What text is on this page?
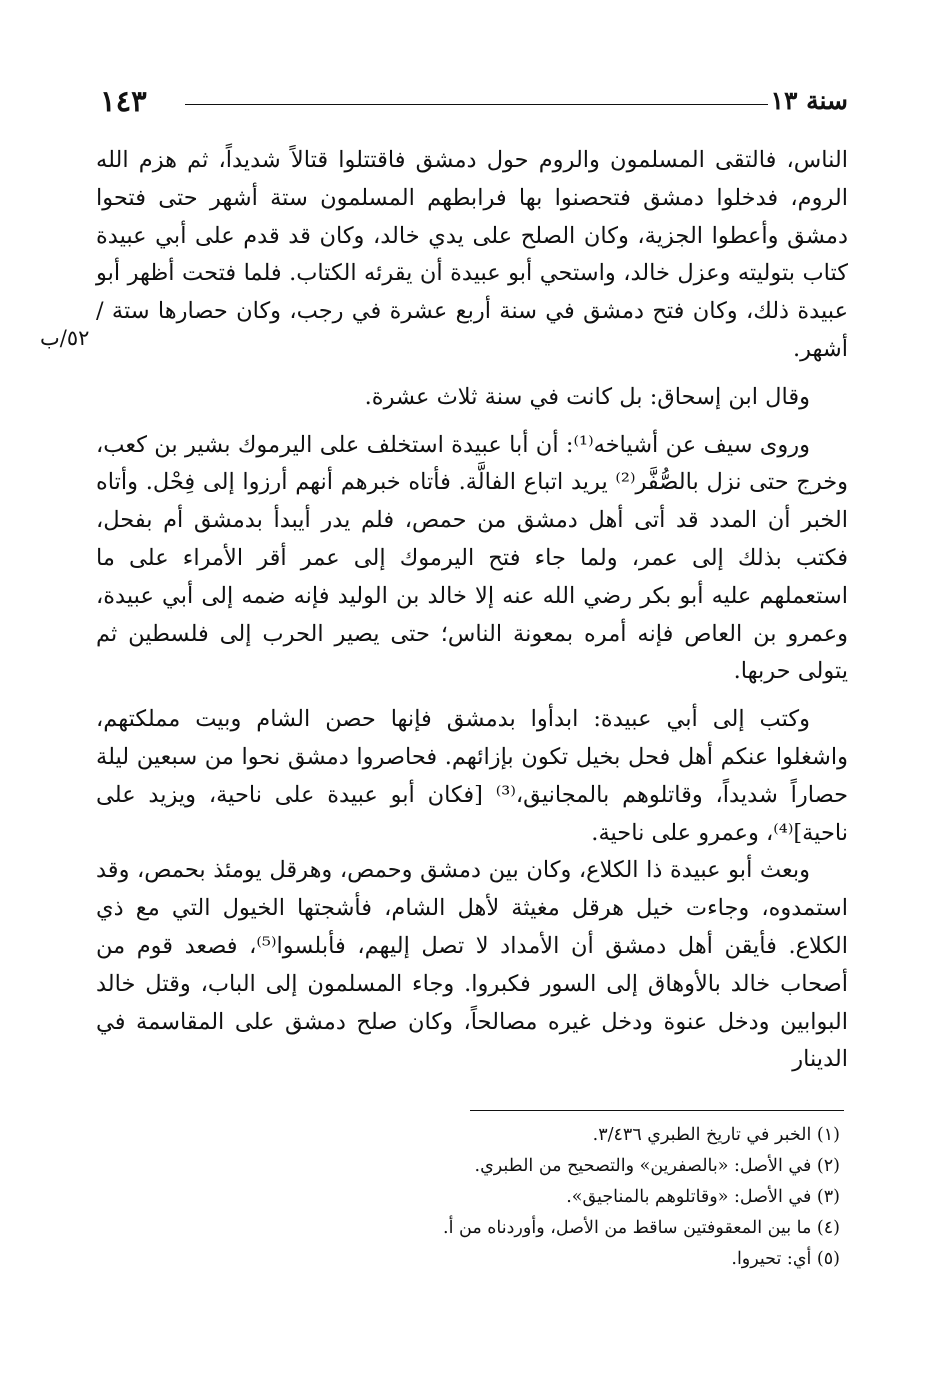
سنة ١٣
١٤٣
٥٢/ب

الناس، فالتقى المسلمون والروم حول دمشق فاقتتلوا قتالاً شديداً، ثم هزم الله الروم، فدخلوا دمشق فتحصنوا بها فرابطهم المسلمون ستة أشهر حتى فتحوا دمشق وأعطوا الجزية، وكان الصلح على يدي خالد، وكان قد قدم على أبي عبيدة كتاب بتوليته وعزل خالد، واستحي أبو عبيدة أن يقرئه الكتاب. فلما فتحت أظهر أبو عبيدة ذلك، وكان فتح دمشق في سنة أربع عشرة في رجب، وكان حصارها ستة / أشهر.

وقال ابن إسحاق: بل كانت في سنة ثلاث عشرة.

وروى سيف عن أشياخه⁽¹⁾: أن أبا عبيدة استخلف على اليرموك بشير بن كعب، وخرج حتى نزل بالصُّفَّر⁽²⁾ يريد اتباع الفالَّة. فأتاه خبرهم أنهم أرزوا إلى فِحْل. وأتاه الخبر أن المدد قد أتى أهل دمشق من حمص، فلم يدر أيبدأ بدمشق أم بفحل، فكتب بذلك إلى عمر، ولما جاء فتح اليرموك إلى عمر أقر الأمراء على ما استعملهم عليه أبو بكر رضي الله عنه إلا خالد بن الوليد فإنه ضمه إلى أبي عبيدة، وعمرو بن العاص فإنه أمره بمعونة الناس؛ حتى يصير الحرب إلى فلسطين ثم يتولى حربها.

وكتب إلى أبي عبيدة: ابدأوا بدمشق فإنها حصن الشام وبيت مملكتهم، واشغلوا عنكم أهل فحل بخيل تكون بإزائهم. فحاصروا دمشق نحوا من سبعين ليلة حصاراً شديداً، وقاتلوهم بالمجانيق،⁽³⁾ [فكان أبو عبيدة على ناحية، ويزيد على ناحية]⁽⁴⁾، وعمرو على ناحية.

وبعث أبو عبيدة ذا الكلاع، وكان بين دمشق وحمص، وهرقل يومئذ بحمص، وقد استمدوه، وجاءت خيل هرقل مغيثة لأهل الشام، فأشجتها الخيول التي مع ذي الكلاع. فأيقن أهل دمشق أن الأمداد لا تصل إليهم، فأبلسوا⁽⁵⁾، فصعد قوم من أصحاب خالد بالأوهاق إلى السور فكبروا. وجاء المسلمون إلى الباب، وقتل خالد البوابين ودخل عنوة ودخل غيره مصالحاً، وكان صلح دمشق على المقاسمة في الدينار

(١) الخبر في تاريخ الطبري ٣/٤٣٦.
(٢) في الأصل: «بالصفرين» والتصحيح من الطبري.
(٣) في الأصل: «وقاتلوهم بالمناجيق».
(٤) ما بين المعقوفتين ساقط من الأصل، وأوردناه من أ.
(٥) أي: تحيروا.
